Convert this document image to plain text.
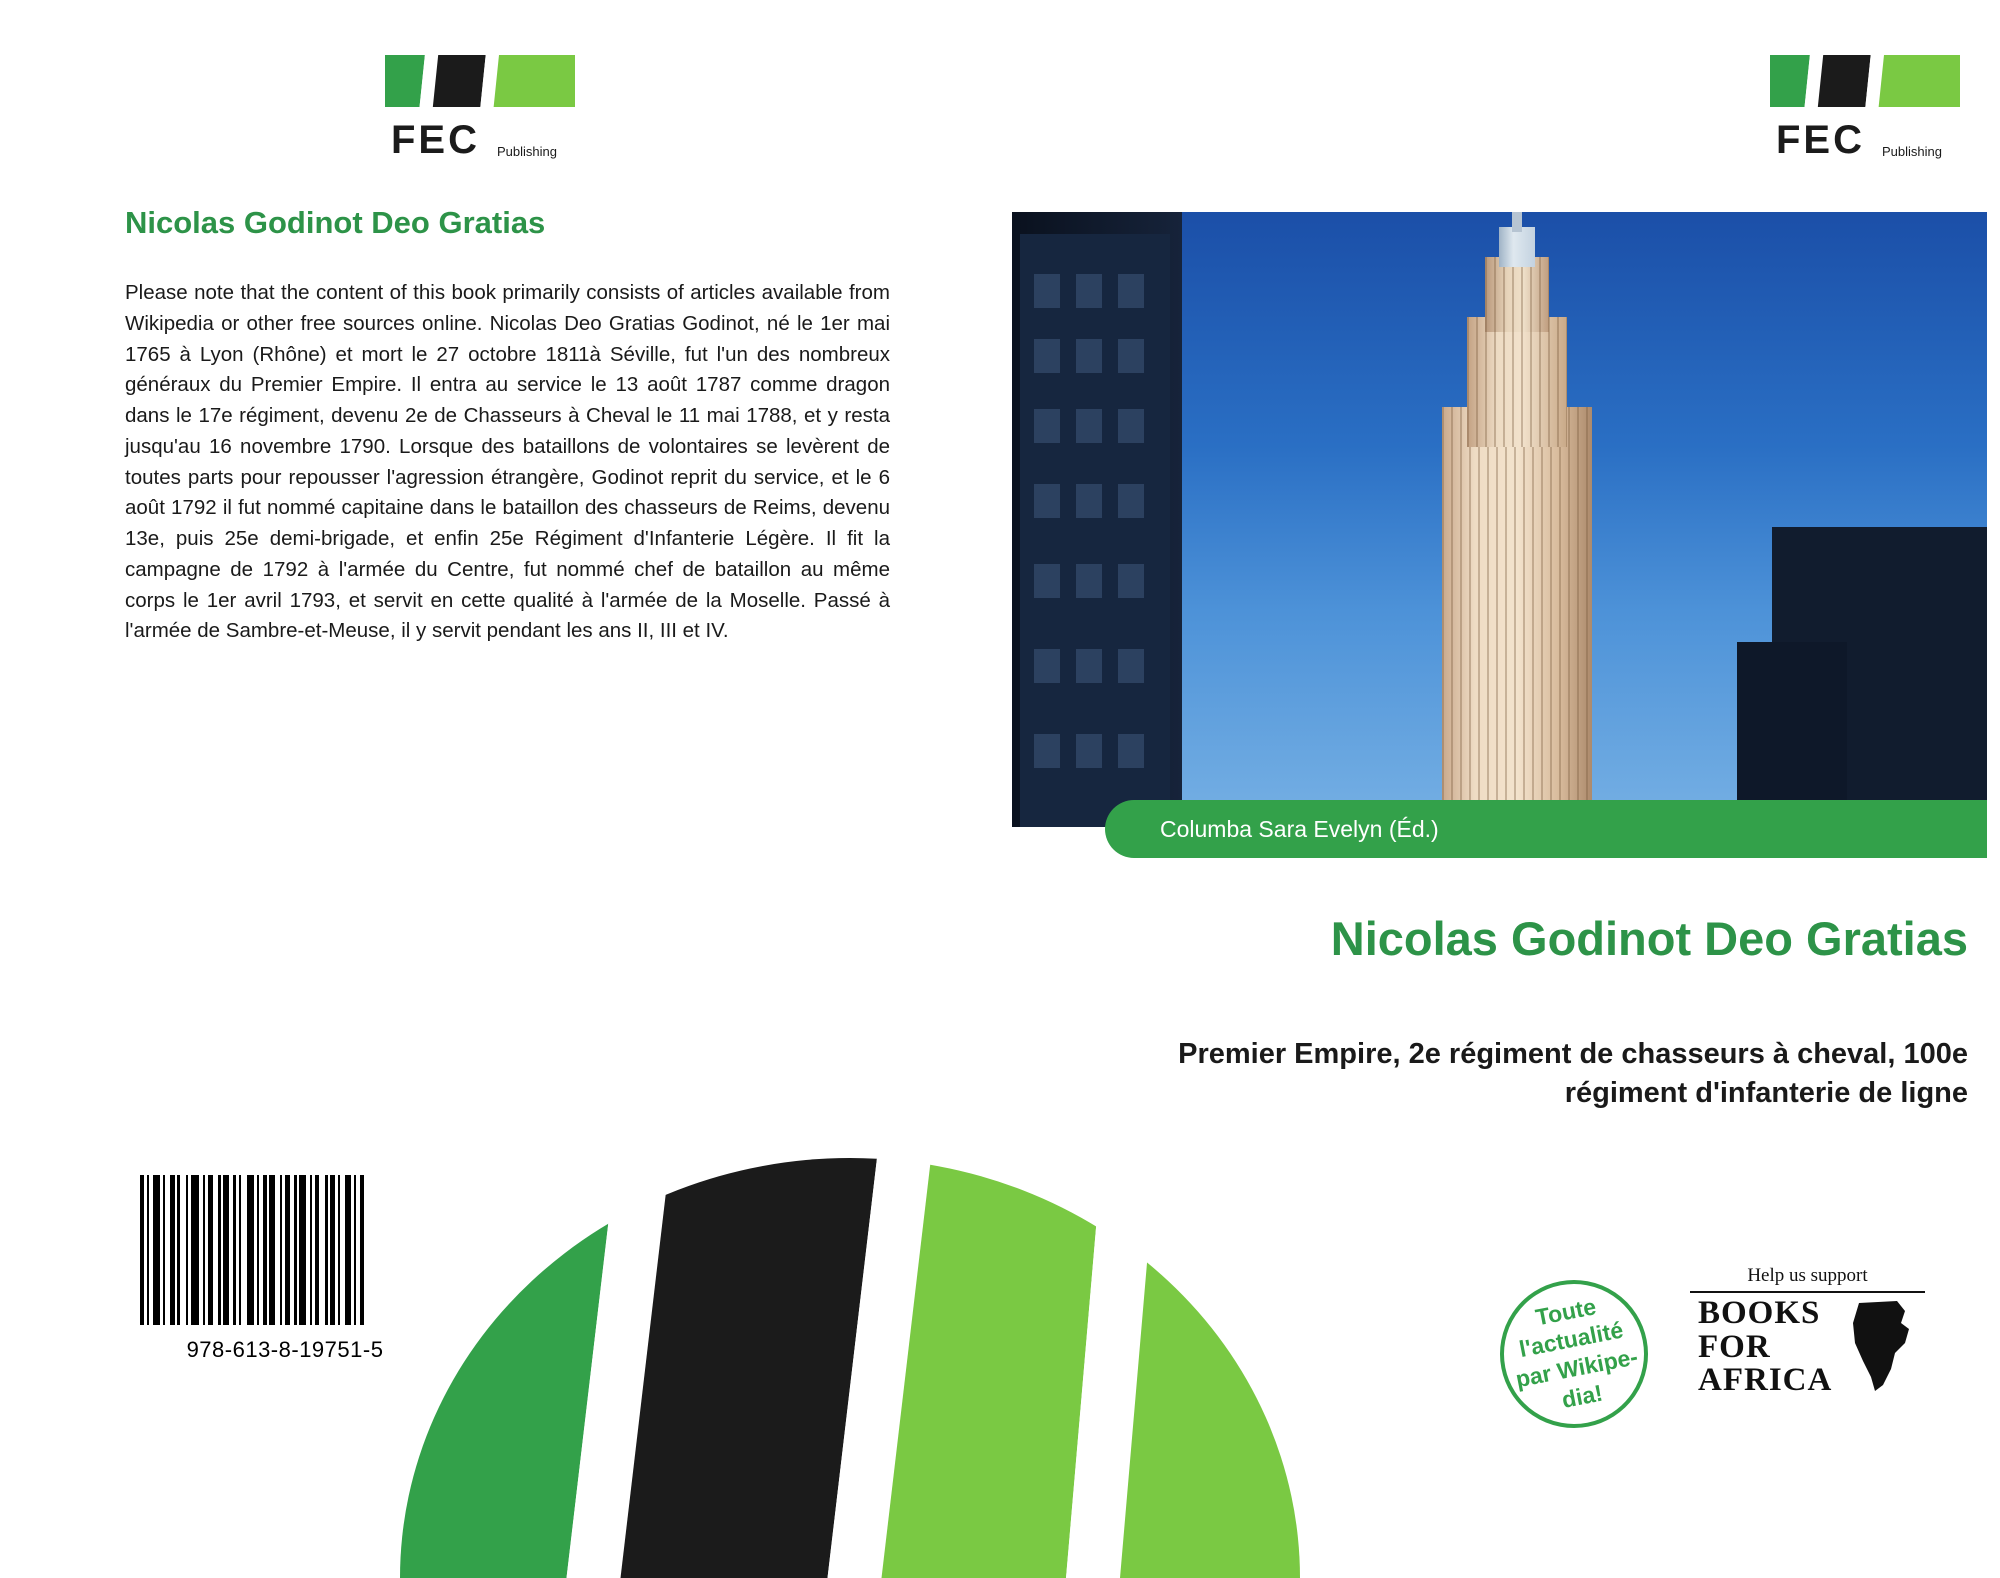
FEC Publishing
Nicolas Godinot Deo Gratias
Please note that the content of this book primarily consists of articles available from Wikipedia or other free sources online. Nicolas Deo Gratias Godinot, né le 1er mai 1765 à Lyon (Rhône) et mort le 27 octobre 1811à Séville, fut l'un des nombreux généraux du Premier Empire. Il entra au service le 13 août 1787 comme dragon dans le 17e régiment, devenu 2e de Chasseurs à Cheval le 11 mai 1788, et y resta jusqu'au 16 novembre 1790. Lorsque des bataillons de volontaires se levèrent de toutes parts pour repousser l'agression étrangère, Godinot reprit du service, et le 6 août 1792 il fut nommé capitaine dans le bataillon des chasseurs de Reims, devenu 13e, puis 25e demi-brigade, et enfin 25e Régiment d'Infanterie Légère. Il fit la campagne de 1792 à l'armée du Centre, fut nommé chef de bataillon au même corps le 1er avril 1793, et servit en cette qualité à l'armée de la Moselle. Passé à l'armée de Sambre-et-Meuse, il y servit pendant les ans II, III et IV.
978-613-8-19751-5
FEC Publishing
Columba Sara Evelyn (Éd.)
Nicolas Godinot Deo Gratias
Premier Empire, 2e régiment de chasseurs à cheval, 100e régiment d'infanterie de ligne
Toute l'actualité par Wikipe-dia!
Help us support
BOOKS
FOR
AFRICA
